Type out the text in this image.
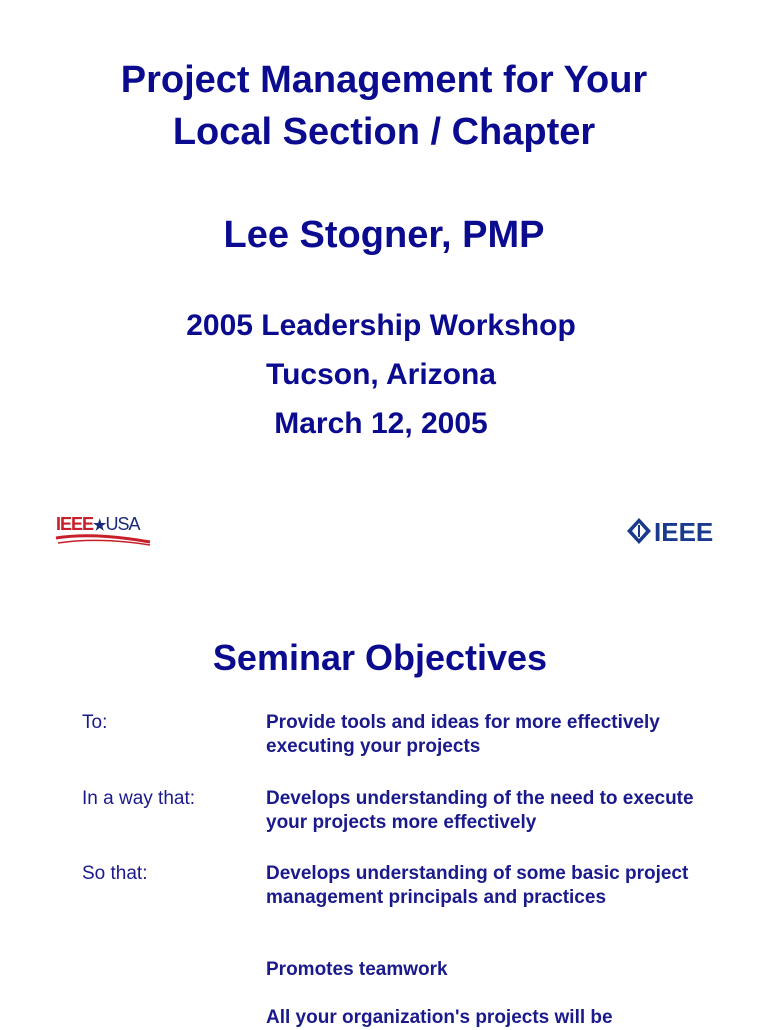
Project Management for Your
Local Section / Chapter
Lee Stogner, PMP
2005 Leadership Workshop
Tucson, Arizona
March 12, 2005
IEEE★USA	IEEE
Seminar Objectives
To:	Provide tools and ideas for more effectively executing your projects
In a way that:	Develops understanding of the need to execute your projects more effectively
So that:	Develops understanding of some basic project management principals and practices
Promotes teamwork
All your organization's projects will be
